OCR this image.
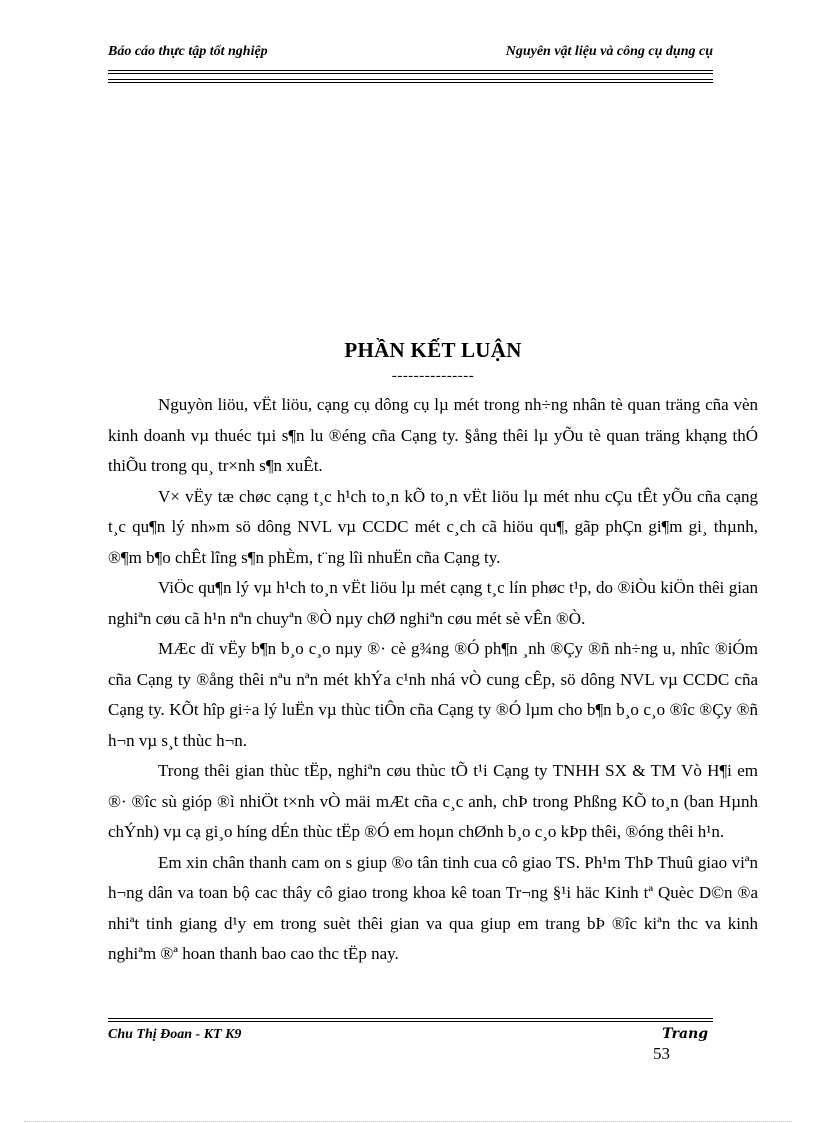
Báo cáo thực tập tốt nghiệp	Nguyên vật liệu và công cụ dụng cụ
PHẦN KẾT LUẬN
---------------

Nguyòn liöu, vËt liöu, cạng cụ dông cụ lµ mét trong nh÷ng nhân tè quan träng cña vèn kinh doanh vµ thuéc tµi s¶n lu ®éng cña Cạng ty. §ång thêi lµ yÕu tè quan träng khạng thÓ thiÕu trong qu¸ tr×nh s¶n xuÊt.

V× vËy tæ chøc cạng t¸c h¹ch to¸n kÕ to¸n vËt liöu lµ mét nhu cÇu tÊt yÕu cña cạng t¸c qu¶n lý nh»m sö dông NVL vµ CCDC mét c¸ch cã hiöu qu¶, gãp phÇn gi¶m gi¸ thµnh, ®¶m b¶o chÊt lîng s¶n phÈm, t¨ng lîi nhuËn cña Cạng ty.

ViÖc qu¶n lý vµ h¹ch to¸n vËt liöu lµ mét cạng t¸c lín phøc t¹p, do ®iÒu kiÖn thêi gian nghiªn cøu cã h¹n nªn chuyªn ®Ò nµy chØ nghiªn cøu mét sè vÊn ®Ò.

MÆc dï vËy b¶n b¸o c¸o nµy ®· cè g¾ng ®Ó ph¶n ¸nh ®Çy ®ñ nh÷ng u, nhîc ®iÓm cña Cạng ty ®ång thêi nªu nªn mét khÝa c¹nh nhá vÒ cung cÊp, sö dông NVL vµ CCDC cña Cạng ty. KÕt hîp gi÷a lý luËn vµ thùc tiÔn cña Cạng ty ®Ó lµm cho b¶n b¸o c¸o ®îc ®Çy ®ñ h¬n vµ s¸t thùc h¬n.

Trong thêi gian thùc tËp, nghiªn cøu thùc tÕ t¹i Cạng ty TNHH SX & TM Vò H¶i em ®· ®îc sù gióp ®ì nhiÖt t×nh vÒ mäi mÆt cña c¸c anh, chÞ trong Phßng KÕ to¸n (ban Hµnh chÝnh) vµ cạ gi¸o híng dÉn thùc tËp ®Ó em hoµn chØnh b¸o c¸o kÞp thêi, ®óng thêi h¹n.

Em xin chân thanh cam on s giup ®o tân tinh cua cô giao TS. Ph¹m ThÞ Thuû giao viªn h¬ng dân va toan bộ cac thây cô giao trong khoa kê toan Tr¬ng §¹i häc Kinh tª Quèc D©n ®a nhiªt tinh giang d¹y em trong suèt thêi gian va qua giup em trang bÞ ®îc kiªn thc va kinh nghiªm ®ª hoan thanh bao cao thc tËp nay.

Chu Thị Đoan - KT K9	Trang
53
